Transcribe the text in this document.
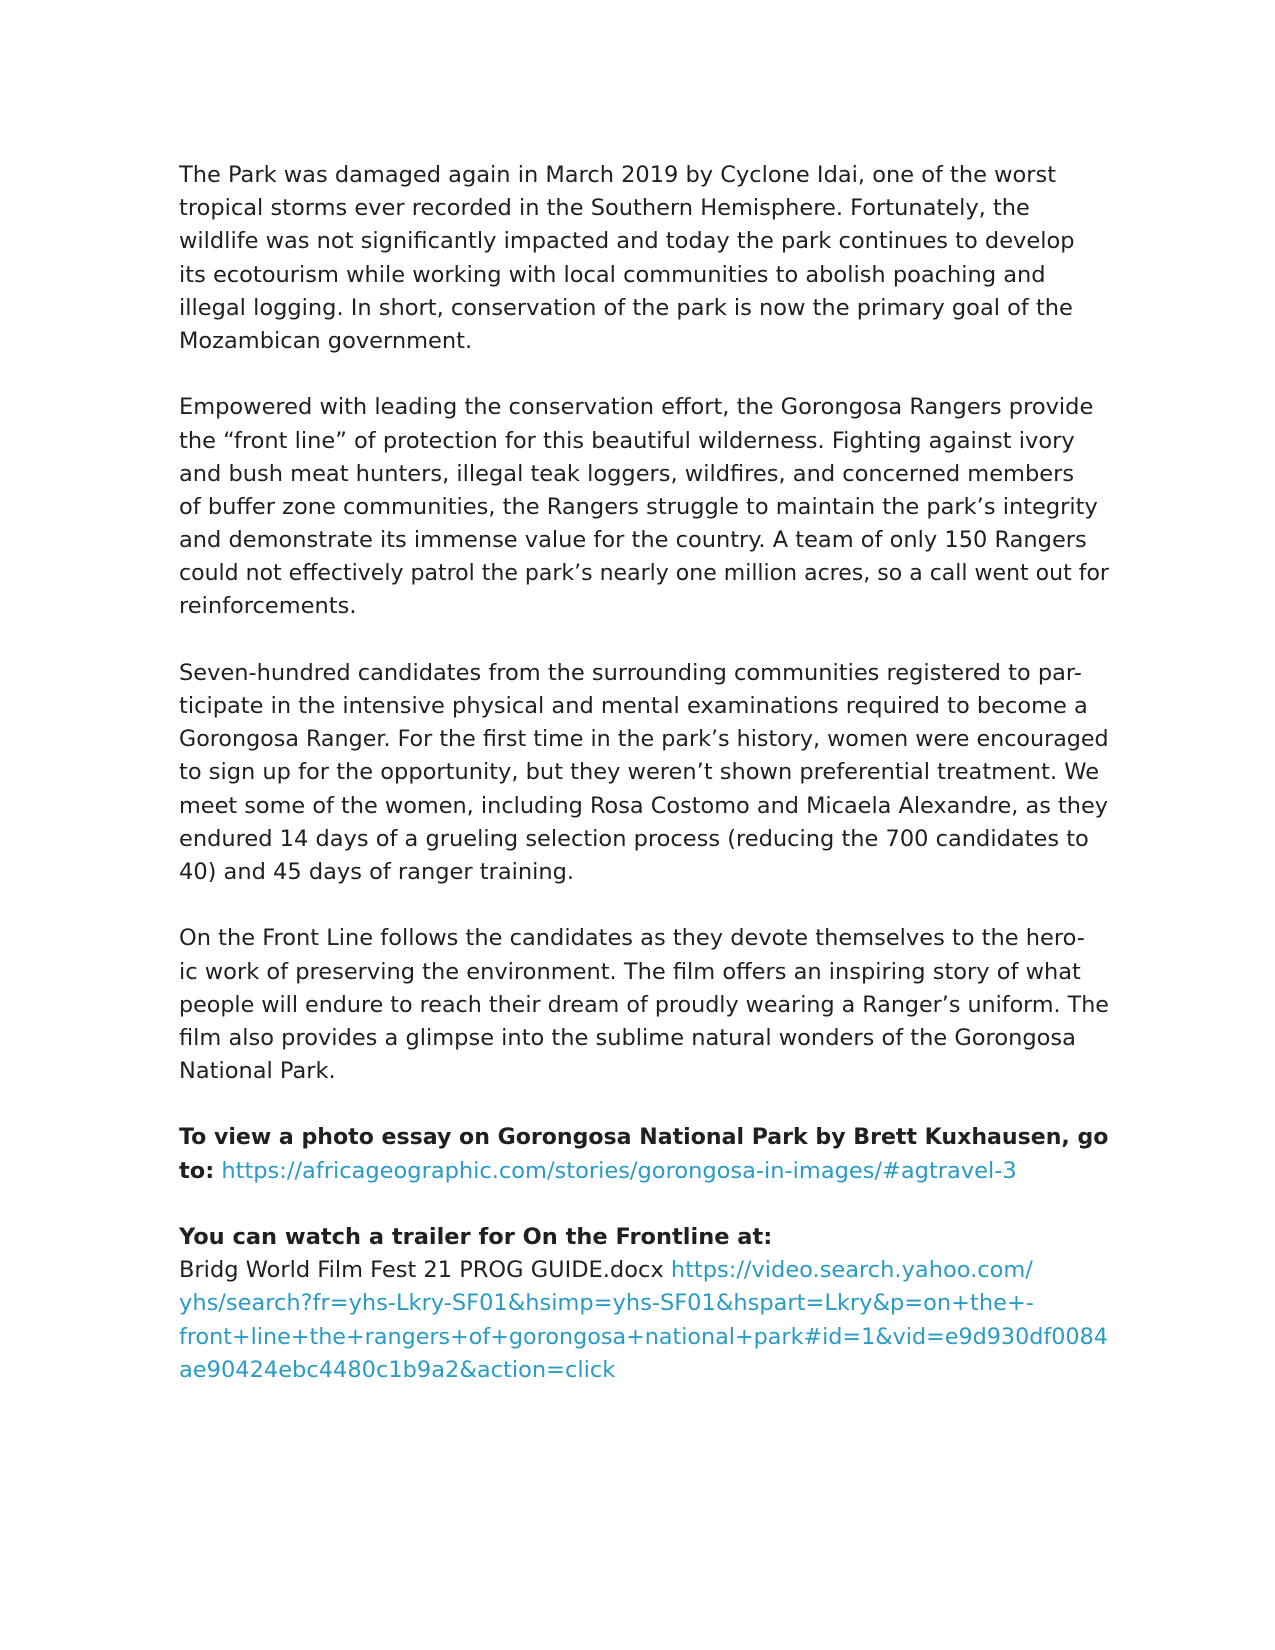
The Park was damaged again in March 2019 by Cyclone Idai, one of the worst
tropical storms ever recorded in the Southern Hemisphere. Fortunately, the
wildlife was not significantly impacted and today the park continues to develop
its ecotourism while working with local communities to abolish poaching and
illegal logging. In short, conservation of the park is now the primary goal of the
Mozambican government.
Empowered with leading the conservation effort, the Gorongosa Rangers provide
the “front line” of protection for this beautiful wilderness. Fighting against ivory
and bush meat hunters, illegal teak loggers, wildfires, and concerned members
of buffer zone communities, the Rangers struggle to maintain the park’s integrity
and demonstrate its immense value for the country. A team of only 150 Rangers
could not effectively patrol the park’s nearly one million acres, so a call went out for
reinforcements.
Seven-hundred candidates from the surrounding communities registered to par-
ticipate in the intensive physical and mental examinations required to become a
Gorongosa Ranger. For the first time in the park’s history, women were encouraged
to sign up for the opportunity, but they weren’t shown preferential treatment. We
meet some of the women, including Rosa Costomo and Micaela Alexandre, as they
endured 14 days of a grueling selection process (reducing the 700 candidates to
40) and 45 days of ranger training.
On the Front Line follows the candidates as they devote themselves to the hero-
ic work of preserving the environment. The film offers an inspiring story of what
people will endure to reach their dream of proudly wearing a Ranger’s uniform. The
film also provides a glimpse into the sublime natural wonders of the Gorongosa
National Park.
To view a photo essay on Gorongosa National Park by Brett Kuxhausen, go
to: https://africageographic.com/stories/gorongosa-in-images/#agtravel-3
You can watch a trailer for On the Frontline at:
Bridg World Film Fest 21 PROG GUIDE.docx https://video.search.yahoo.com/
yhs/search?fr=yhs-Lkry-SF01&hsimp=yhs-SF01&hspart=Lkry&p=on+the+-
front+line+the+rangers+of+gorongosa+national+park#id=1&vid=e9d930df0084
ae90424ebc4480c1b9a2&action=click
